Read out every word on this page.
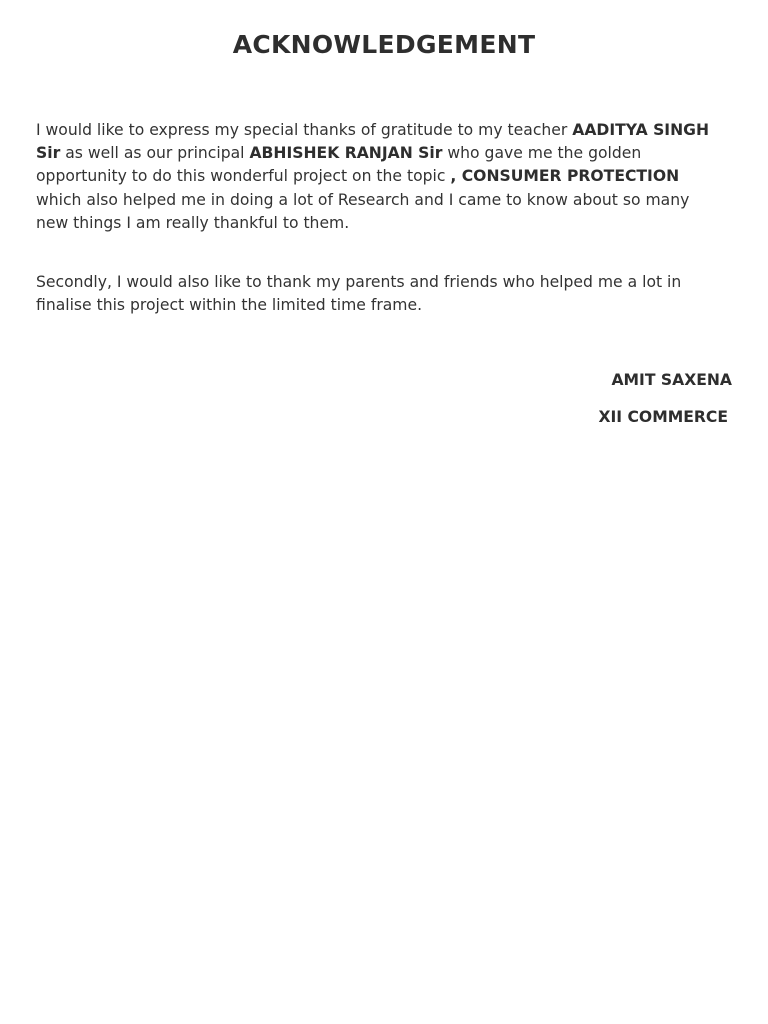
ACKNOWLEDGEMENT

I would like to express my special thanks of gratitude to my teacher AADITYA SINGH Sir as well as our principal ABHISHEK RANJAN Sir who gave me the golden opportunity to do this wonderful project on the topic , CONSUMER PROTECTION which also helped me in doing a lot of Research and I came to know about so many new things I am really thankful to them.

Secondly, I would also like to thank my parents and friends who helped me a lot in finalise this project within the limited time frame.

AMIT SAXENA

XII COMMERCE
